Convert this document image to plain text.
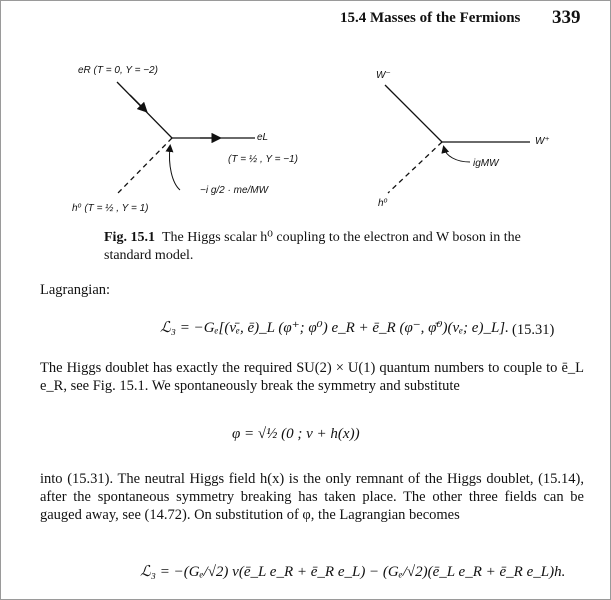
15.4 Masses of the Fermions 339
eR (T = 0, Y = −2)
eL
(T = ½ , Y = −1)
h⁰ (T = ½ , Y = 1)
−i g/2 · me/MW
W⁻
W⁺
igMW
h⁰
Fig. 15.1 The Higgs scalar h⁰ coupling to the electron and W boson in the standard model.
Lagrangian:
ℒ₃ = −Gₑ[(ν̄ₑ, ē)_L (φ⁺; φ⁰) e_R + ē_R (φ⁻, φ̄⁰)(νₑ; e)_L]. (15.31)
The Higgs doublet has exactly the required SU(2) × U(1) quantum numbers to couple to ē_L e_R, see Fig. 15.1. We spontaneously break the symmetry and substitute
φ = √½ (0 ; v + h(x))
into (15.31). The neutral Higgs field h(x) is the only remnant of the Higgs doublet, (15.14), after the spontaneous symmetry breaking has taken place. The other three fields can be gauged away, see (14.72). On substitution of φ, the Lagrangian becomes
ℒ₃ = −(Gₑ/√2) v(ē_L e_R + ē_R e_L) − (Gₑ/√2)(ē_L e_R + ē_R e_L)h.
